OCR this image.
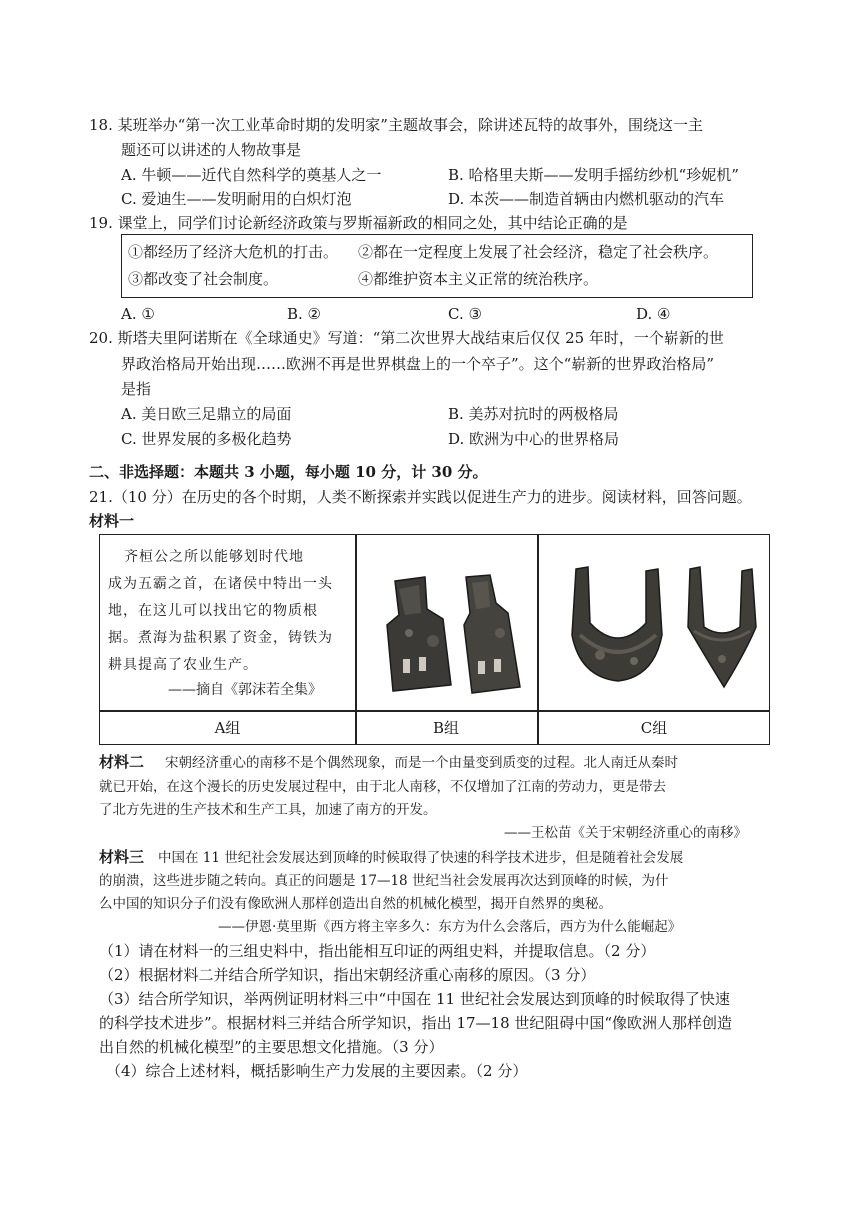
18. 某班举办“第一次工业革命时期的发明家”主题故事会，除讲述瓦特的故事外，围绕这一主
题还可以讲述的人物故事是
A. 牛顿——近代自然科学的奠基人之一	B. 哈格里夫斯——发明手摇纺纱机“珍妮机”
C. 爱迪生——发明耐用的白炽灯泡	D. 本茨——制造首辆由内燃机驱动的汽车
19. 课堂上，同学们讨论新经济政策与罗斯福新政的相同之处，其中结论正确的是
①都经历了经济大危机的打击。 ②都在一定程度上发展了社会经济，稳定了社会秩序。
③都改变了社会制度。	④都维护资本主义正常的统治秩序。
A. ①	B. ②	C. ③	D. ④
20. 斯塔夫里阿诺斯在《全球通史》写道：“第二次世界大战结束后仅仅 25 年时，一个崭新的世
界政治格局开始出现……欧洲不再是世界棋盘上的一个卒子”。这个“崭新的世界政治格局”
是指
A. 美日欧三足鼎立的局面	B. 美苏对抗时的两极格局
C. 世界发展的多极化趋势	D. 欧洲为中心的世界格局
二、非选择题：本题共 3 小题，每小题 10 分，计 30 分。
21.（10 分）在历史的各个时期，人类不断探索并实践以促进生产力的进步。阅读材料，回答问题。
材料一
齐桓公之所以能够划时代地
成为五霸之首，在诸侯中特出一头
地，在这儿可以找出它的物质根
据。煮海为盐积累了资金，铸铁为
耕具提高了农业生产。
——摘自《郭沫若全集》
A组	B组	C组
材料二 宋朝经济重心的南移不是个偶然现象，而是一个由量变到质变的过程。北人南迁从秦时
就已开始，在这个漫长的历史发展过程中，由于北人南移，不仅增加了江南的劳动力，更是带去
了北方先进的生产技术和生产工具，加速了南方的开发。
——王松苗《关于宋朝经济重心的南移》
材料三 中国在 11 世纪社会发展达到顶峰的时候取得了快速的科学技术进步，但是随着社会发展
的崩溃，这些进步随之转向。真正的问题是 17—18 世纪当社会发展再次达到顶峰的时候，为什
么中国的知识分子们没有像欧洲人那样创造出自然的机械化模型，揭开自然界的奥秘。
——伊恩·莫里斯《西方将主宰多久：东方为什么会落后，西方为什么能崛起》
（1）请在材料一的三组史料中，指出能相互印证的两组史料，并提取信息。（2 分）
（2）根据材料二并结合所学知识，指出宋朝经济重心南移的原因。（3 分）
（3）结合所学知识，举两例证明材料三中“中国在 11 世纪社会发展达到顶峰的时候取得了快速
的科学技术进步”。根据材料三并结合所学知识，指出 17—18 世纪阻碍中国“像欧洲人那样创造
出自然的机械化模型”的主要思想文化措施。（3 分）
（4）综合上述材料，概括影响生产力发展的主要因素。（2 分）
